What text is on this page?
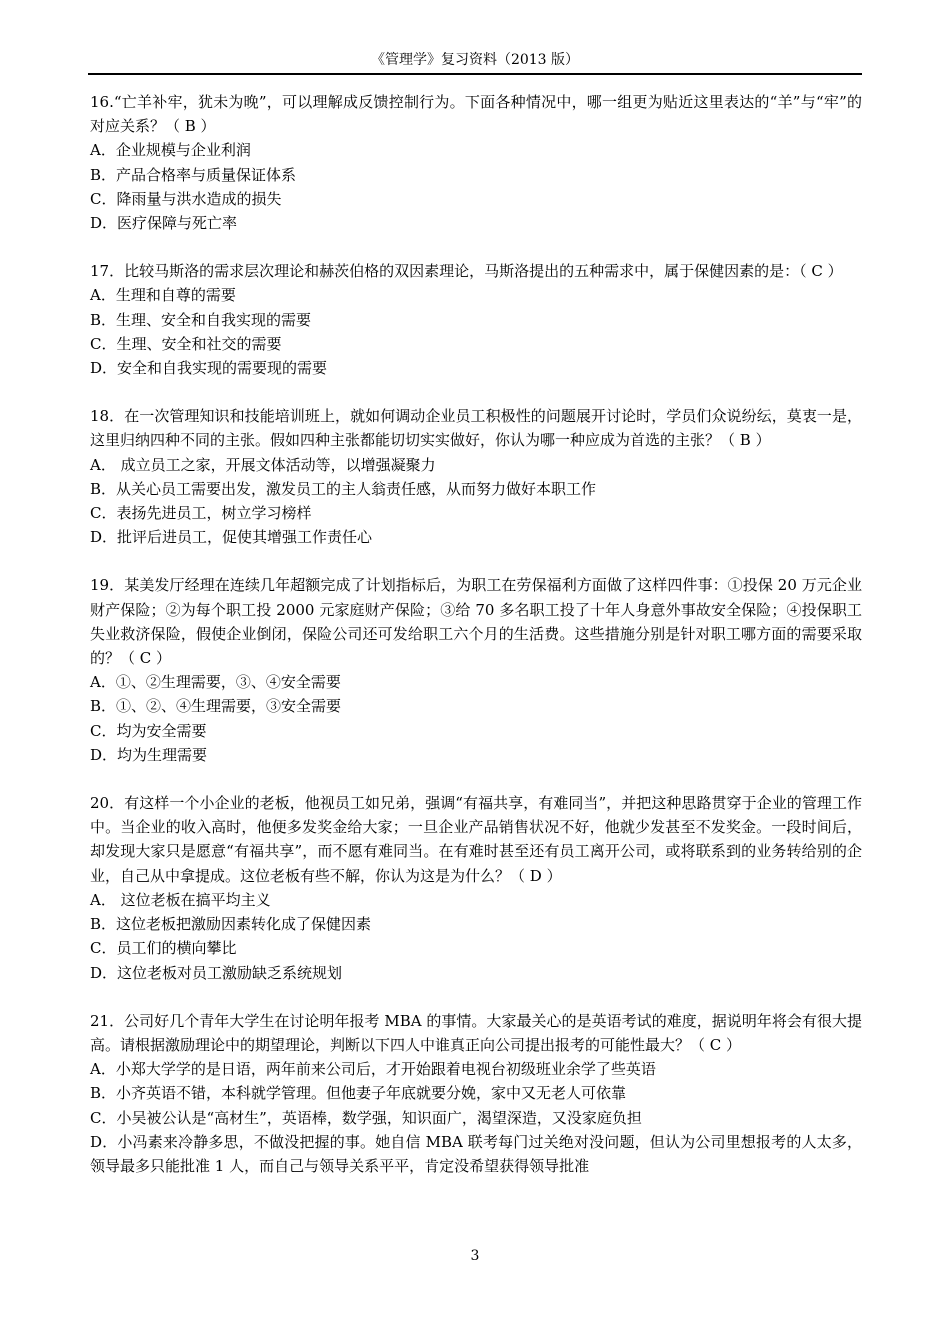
《管理学》复习资料（2013 版）
16.“亡羊补牢，犹未为晚”，可以理解成反馈控制行为。下面各种情况中，哪一组更为贴近这里表达的“羊”与“牢”的对应关系？（ B ）
A．企业规模与企业利润
B．产品合格率与质量保证体系
C．降雨量与洪水造成的损失
D．医疗保障与死亡率
17．比较马斯洛的需求层次理论和赫茨伯格的双因素理论，马斯洛提出的五种需求中，属于保健因素的是：（ C ）
A．生理和自尊的需要
B．生理、安全和自我实现的需要
C．生理、安全和社交的需要
D．安全和自我实现的需要现的需要
18．在一次管理知识和技能培训班上，就如何调动企业员工积极性的问题展开讨论时，学员们众说纷纭，莫衷一是，这里归纳四种不同的主张。假如四种主张都能切切实实做好，你认为哪一种应成为首选的主张？（ B ）
A． 成立员工之家，开展文体活动等，以增强凝聚力
B．从关心员工需要出发，激发员工的主人翁责任感，从而努力做好本职工作
C．表扬先进员工，树立学习榜样
D．批评后进员工，促使其增强工作责任心
19．某美发厅经理在连续几年超额完成了计划指标后，为职工在劳保福利方面做了这样四件事：①投保 20 万元企业财产保险；②为每个职工投 2000 元家庭财产保险；③给 70 多名职工投了十年人身意外事故安全保险；④投保职工失业救济保险，假使企业倒闭，保险公司还可发给职工六个月的生活费。这些措施分别是针对职工哪方面的需要采取的？（ C ）
A．①、②生理需要，③、④安全需要
B．①、②、④生理需要，③安全需要
C．均为安全需要
D．均为生理需要
20．有这样一个小企业的老板，他视员工如兄弟，强调“有福共享，有难同当”，并把这种思路贯穿于企业的管理工作中。当企业的收入高时，他便多发奖金给大家；一旦企业产品销售状况不好，他就少发甚至不发奖金。一段时间后，却发现大家只是愿意“有福共享”，而不愿有难同当。在有难时甚至还有员工离开公司，或将联系到的业务转给别的企业，自己从中拿提成。这位老板有些不解，你认为这是为什么？（ D ）
A． 这位老板在搞平均主义
B．这位老板把激励因素转化成了保健因素
C．员工们的横向攀比
D．这位老板对员工激励缺乏系统规划
21．公司好几个青年大学生在讨论明年报考 MBA 的事情。大家最关心的是英语考试的难度，据说明年将会有很大提高。请根据激励理论中的期望理论，判断以下四人中谁真正向公司提出报考的可能性最大？（ C ）
A．小郑大学学的是日语，两年前来公司后，才开始跟着电视台初级班业余学了些英语
B．小齐英语不错，本科就学管理。但他妻子年底就要分娩，家中又无老人可依靠
C．小吴被公认是“高材生”，英语棒，数学强，知识面广，渴望深造，又没家庭负担
D．小冯素来冷静多思，不做没把握的事。她自信 MBA 联考每门过关绝对没问题，但认为公司里想报考的人太多，领导最多只能批准 1 人，而自己与领导关系平平，肯定没希望获得领导批准
3
